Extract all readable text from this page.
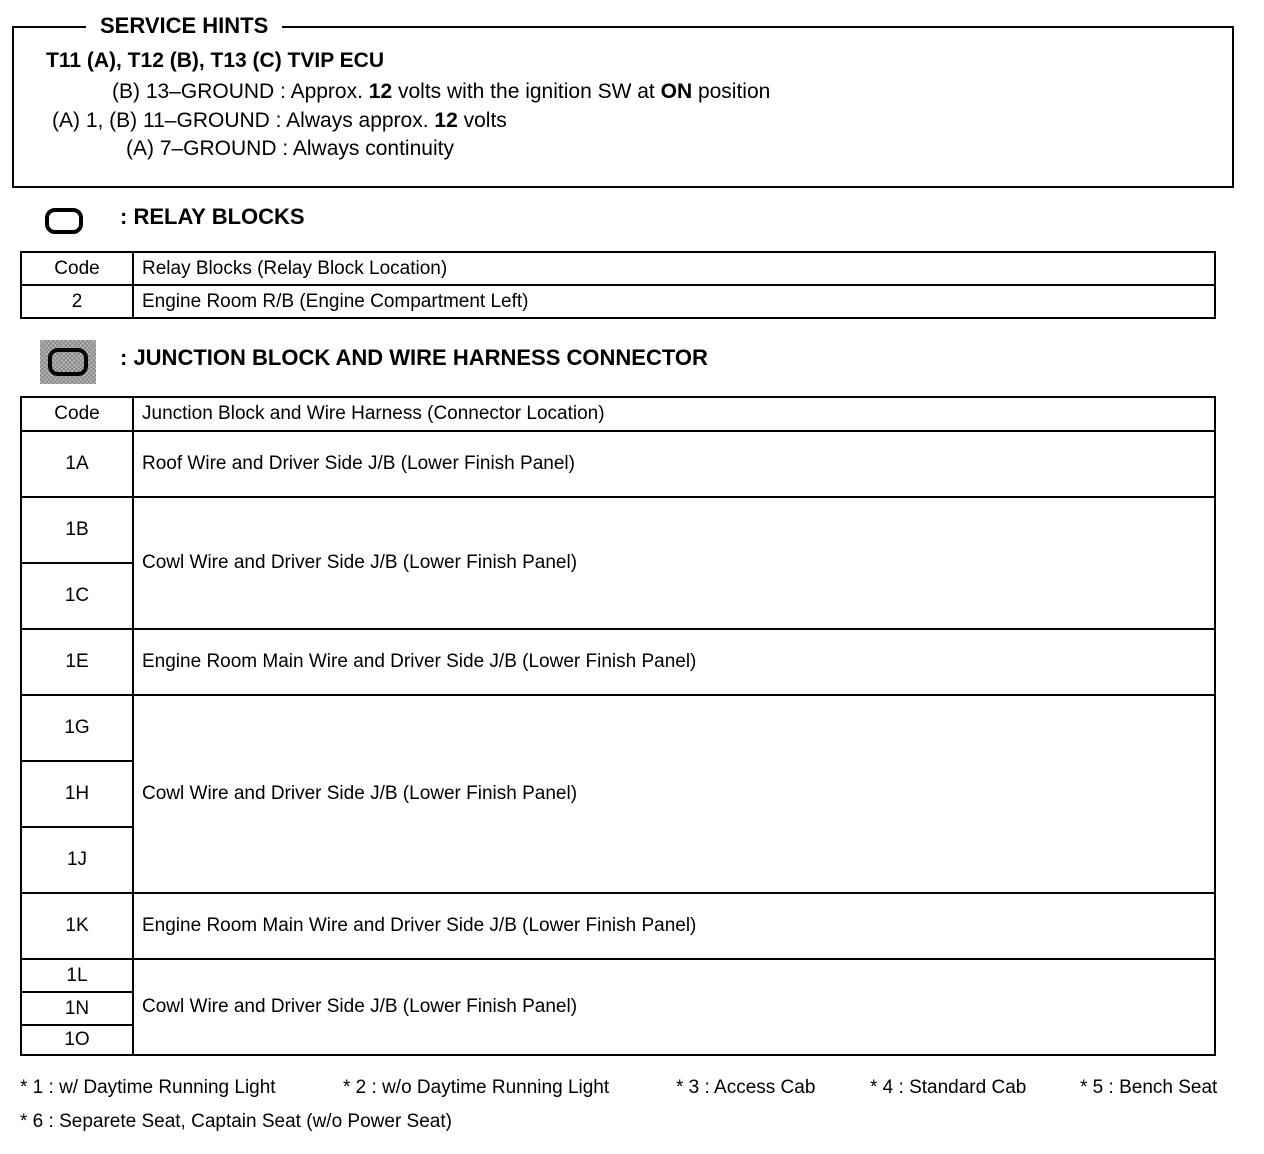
SERVICE HINTS
T11 (A), T12 (B), T13 (C) TVIP ECU
(B) 13–GROUND : Approx. 12 volts with the ignition SW at ON position
(A) 1, (B) 11–GROUND : Always approx. 12 volts
(A) 7–GROUND : Always continuity
: RELAY BLOCKS
Code	Relay Blocks (Relay Block Location)
2	Engine Room R/B (Engine Compartment Left)
: JUNCTION BLOCK AND WIRE HARNESS CONNECTOR
Code	Junction Block and Wire Harness (Connector Location)
1A	Roof Wire and Driver Side J/B (Lower Finish Panel)
1B	Cowl Wire and Driver Side J/B (Lower Finish Panel)
1C	
1E	Engine Room Main Wire and Driver Side J/B (Lower Finish Panel)
1G	Cowl Wire and Driver Side J/B (Lower Finish Panel)
1H	
1J	
1K	Engine Room Main Wire and Driver Side J/B (Lower Finish Panel)
1L	Cowl Wire and Driver Side J/B (Lower Finish Panel)
1N	
1O	
* 1 : w/ Daytime Running Light	* 2 : w/o Daytime Running Light	* 3 : Access Cab	* 4 : Standard Cab	* 5 : Bench Seat
* 6 : Separete Seat, Captain Seat (w/o Power Seat)
